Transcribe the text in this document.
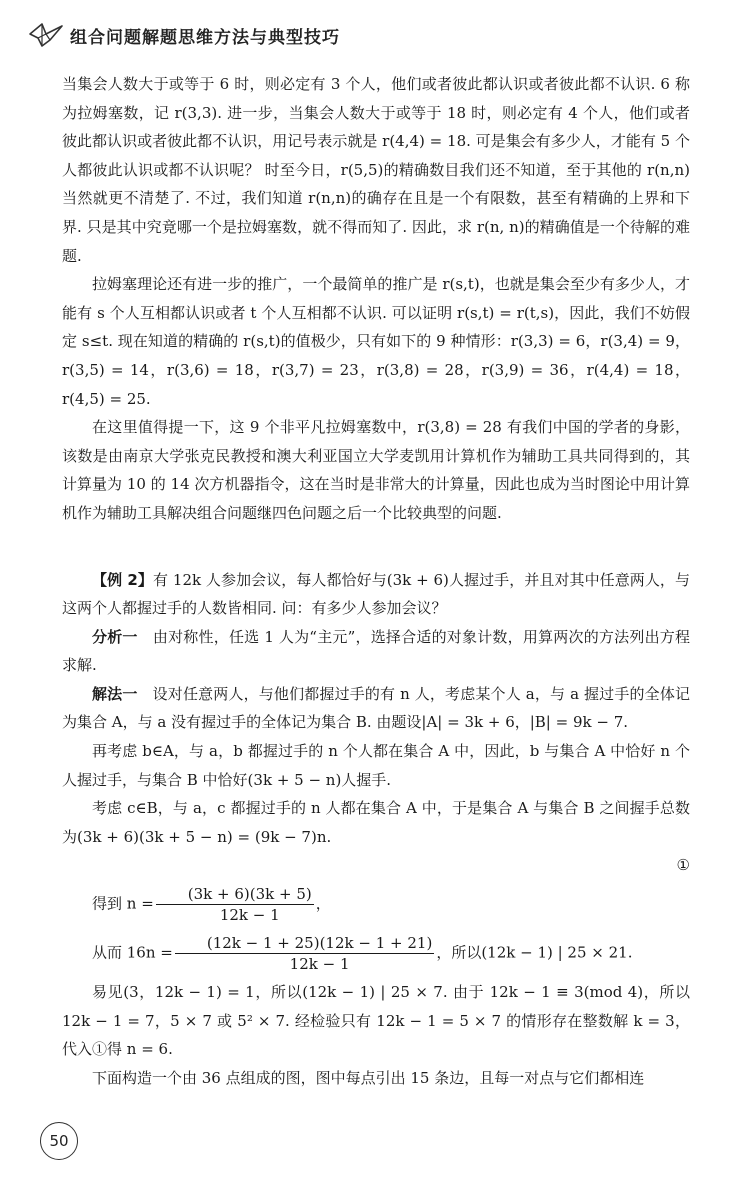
组合问题解题思维方法与典型技巧

当集会人数大于或等于 6 时，则必定有 3 个人，他们或者彼此都认识或者彼此都不认识. 6 称为拉姆塞数，记 r(3,3). 进一步，当集会人数大于或等于 18 时，则必定有 4 个人，他们或者彼此都认识或者彼此都不认识，用记号表示就是 r(4,4) = 18. 可是集会有多少人，才能有 5 个人都彼此认识或都不认识呢？ 时至今日，r(5,5)的精确数目我们还不知道，至于其他的 r(n,n)当然就更不清楚了. 不过，我们知道 r(n,n)的确存在且是一个有限数，甚至有精确的上界和下界. 只是其中究竟哪一个是拉姆塞数，就不得而知了. 因此，求 r(n, n)的精确值是一个待解的难题.

拉姆塞理论还有进一步的推广，一个最简单的推广是 r(s,t)，也就是集会至少有多少人，才能有 s 个人互相都认识或者 t 个人互相都不认识. 可以证明 r(s,t) = r(t,s)，因此，我们不妨假定 s≤t. 现在知道的精确的 r(s,t)的值极少，只有如下的 9 种情形：r(3,3) = 6，r(3,4) = 9，r(3,5) = 14，r(3,6) = 18，r(3,7) = 23，r(3,8) = 28，r(3,9) = 36，r(4,4) = 18，r(4,5) = 25.

在这里值得提一下，这 9 个非平凡拉姆塞数中，r(3,8) = 28 有我们中国的学者的身影，该数是由南京大学张克民教授和澳大利亚国立大学麦凯用计算机作为辅助工具共同得到的，其计算量为 10 的 14 次方机器指令，这在当时是非常大的计算量，因此也成为当时图论中用计算机作为辅助工具解决组合问题继四色问题之后一个比较典型的问题.

【例 2】有 12k 人参加会议，每人都恰好与(3k + 6)人握过手，并且对其中任意两人，与这两个人都握过手的人数皆相同. 问：有多少人参加会议？

分析一  由对称性，任选 1 人为“主元”，选择合适的对象计数，用算两次的方法列出方程求解.

解法一  设对任意两人，与他们都握过手的有 n 人，考虑某个人 a，与 a 握过手的全体记为集合 A，与 a 没有握过手的全体记为集合 B. 由题设|A| = 3k + 6，|B| = 9k − 7.

再考虑 b∈A，与 a，b 都握过手的 n 个人都在集合 A 中，因此，b 与集合 A 中恰好 n 个人握过手，与集合 B 中恰好(3k + 5 − n)人握手.

考虑 c∈B，与 a，c 都握过手的 n 人都在集合 A 中，于是集合 A 与集合 B 之间握手总数为(3k + 6)(3k + 5 − n) = (9k − 7)n.

①

得到 $n = \frac{(3k + 6)(3k + 5)}{12k - 1}$ ，

从而 $16n = \frac{(12k - 1 + 25)(12k - 1 + 21)}{12k - 1}$ ，所以(12k − 1) | 25 × 21.

易见(3，12k − 1) = 1，所以(12k − 1) | 25 × 7. 由于 12k − 1 ≡ 3(mod 4)，所以 12k − 1 = 7，5 × 7 或 5² × 7. 经检验只有 12k − 1 = 5 × 7 的情形存在整数解 k = 3，代入①得 n = 6.

下面构造一个由 36 点组成的图，图中每点引出 15 条边，且每一对点与它们都相连

50
